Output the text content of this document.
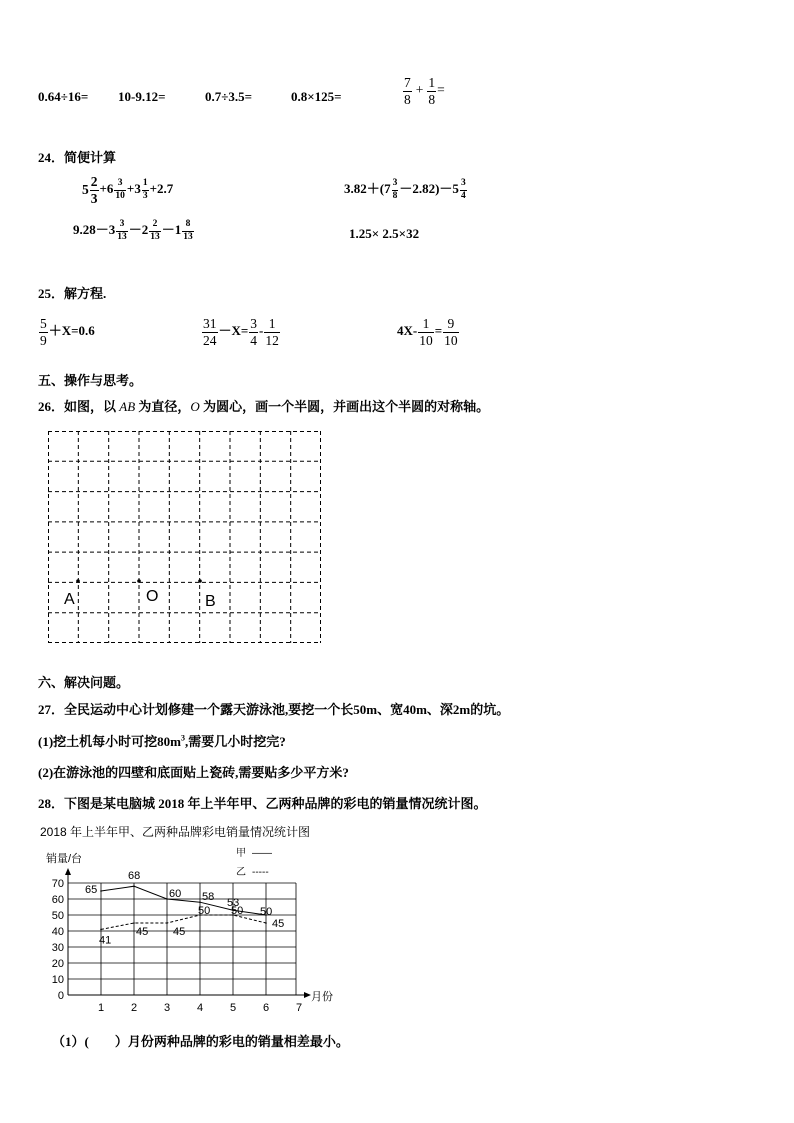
0.64÷16= 10-9.12=	0.7÷3.5=	0.8×125=	$\frac{7}{8} + \frac{1}{8}$ =
24．简便计算
$5 \frac{2}{3} +6 \frac{3}{10} +3 \frac{1}{3} +2.7$	$3.82+(7 \frac{3}{8} -2.82)-5 \frac{3}{4}$
$9.28-3 \frac{3}{13} -2 \frac{2}{13} -1 \frac{8}{13}$	1.25× 2.5×32
25．解方程.
$\frac{5}{9} +X=0.6$	$\frac{31}{24} -X= \frac{3}{4} - \frac{1}{12}$	$4X- \frac{1}{10} = \frac{9}{10}$
五、操作与思考。
26．如图，以 AB 为直径，O 为圆心，画一个半圆，并画出这个半圆的对称轴。
A	O	B
六、解决问题。
27．全民运动中心计划修建一个露天游泳池,要挖一个长50m、宽40m、深2m的坑。
(1)挖土机每小时可挖$80m^3$,需要几小时挖完?
(2)在游泳池的四壁和底面贴上瓷砖,需要贴多少平方米?
28．下图是某电脑城 2018 年上半年甲、乙两种品牌的彩电的销量情况统计图。
2018 年上半年甲、乙两种品牌彩电销量情况统计图
销量/台
月份
甲 ——
乙 -----
0
10
20
30
40
50
60
70
1 2 3 4 5 6 7
65
68
60 58 53
50
41
45 45
50 50
45
（1）(　　）月份两种品牌的彩电的销量相差最小。
